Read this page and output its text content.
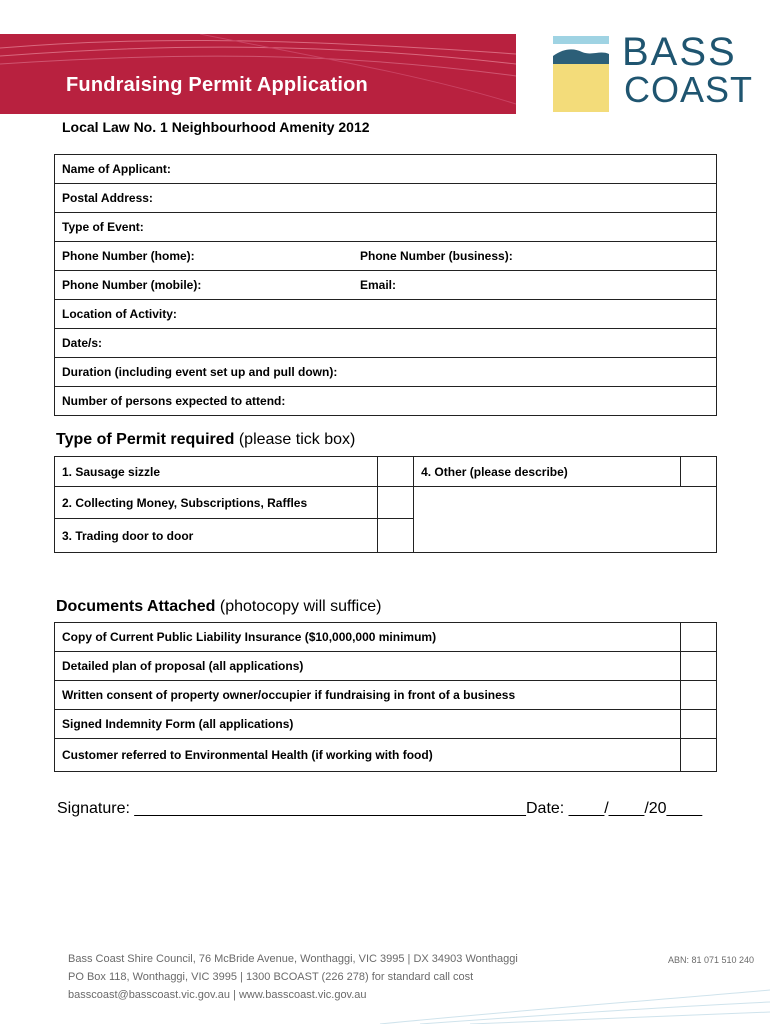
Fundraising Permit Application
BASS
COAST
Local Law No. 1 Neighbourhood Amenity 2012
Name of Applicant:	
Postal Address:	
Type of Event:	
Phone Number (home):	Phone Number (business):
Phone Number (mobile):	Email:
Location of Activity:	
Date/s:	
Duration (including event set up and pull down):	
Number of persons expected to attend:	
Type of Permit required (please tick box)
1. Sausage sizzle		4. Other (please describe)	
2. Collecting Money, Subscriptions, Raffles			
3. Trading door to door			
Documents Attached (photocopy will suffice)
Copy of Current Public Liability Insurance ($10,000,000 minimum)	
Detailed plan of proposal (all applications)	
Written consent of property owner/occupier if fundraising in front of a business	
Signed Indemnity Form (all applications)	
Customer referred to Environmental Health (if working with food)	
Signature: ____________________________________________ Date: ____/____/20____
Bass Coast Shire Council, 76 McBride Avenue, Wonthaggi, VIC 3995 | DX 34903 Wonthaggi
PO Box 118, Wonthaggi, VIC 3995 | 1300 BCOAST (226 278) for standard call cost
basscoast@basscoast.vic.gov.au | www.basscoast.vic.gov.au
ABN: 81 071 510 240
